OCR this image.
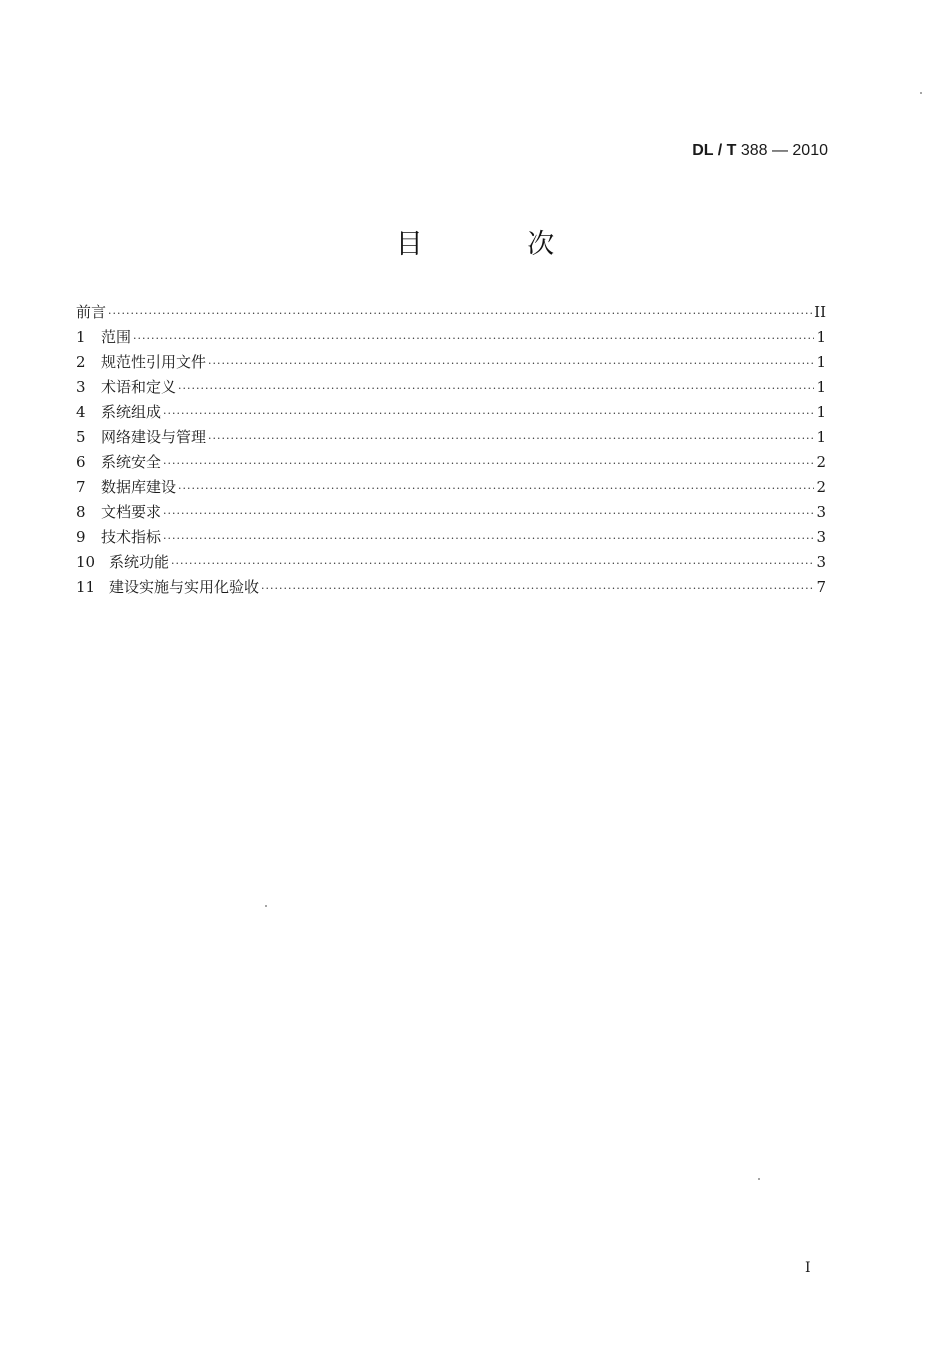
DL / T 388 — 2010
目 次
前言 ·····	II
1	范围 ·····	1
2	规范性引用文件 ·····	1
3	术语和定义 ·····	1
4	系统组成 ·····	1
5	网络建设与管理 ·····	1
6	系统安全 ·····	2
7	数据库建设 ·····	2
8	文档要求 ·····	3
9	技术指标 ·····	3
10 系统功能 ·····	3
11 建设实施与实用化验收 ·····	7
I
